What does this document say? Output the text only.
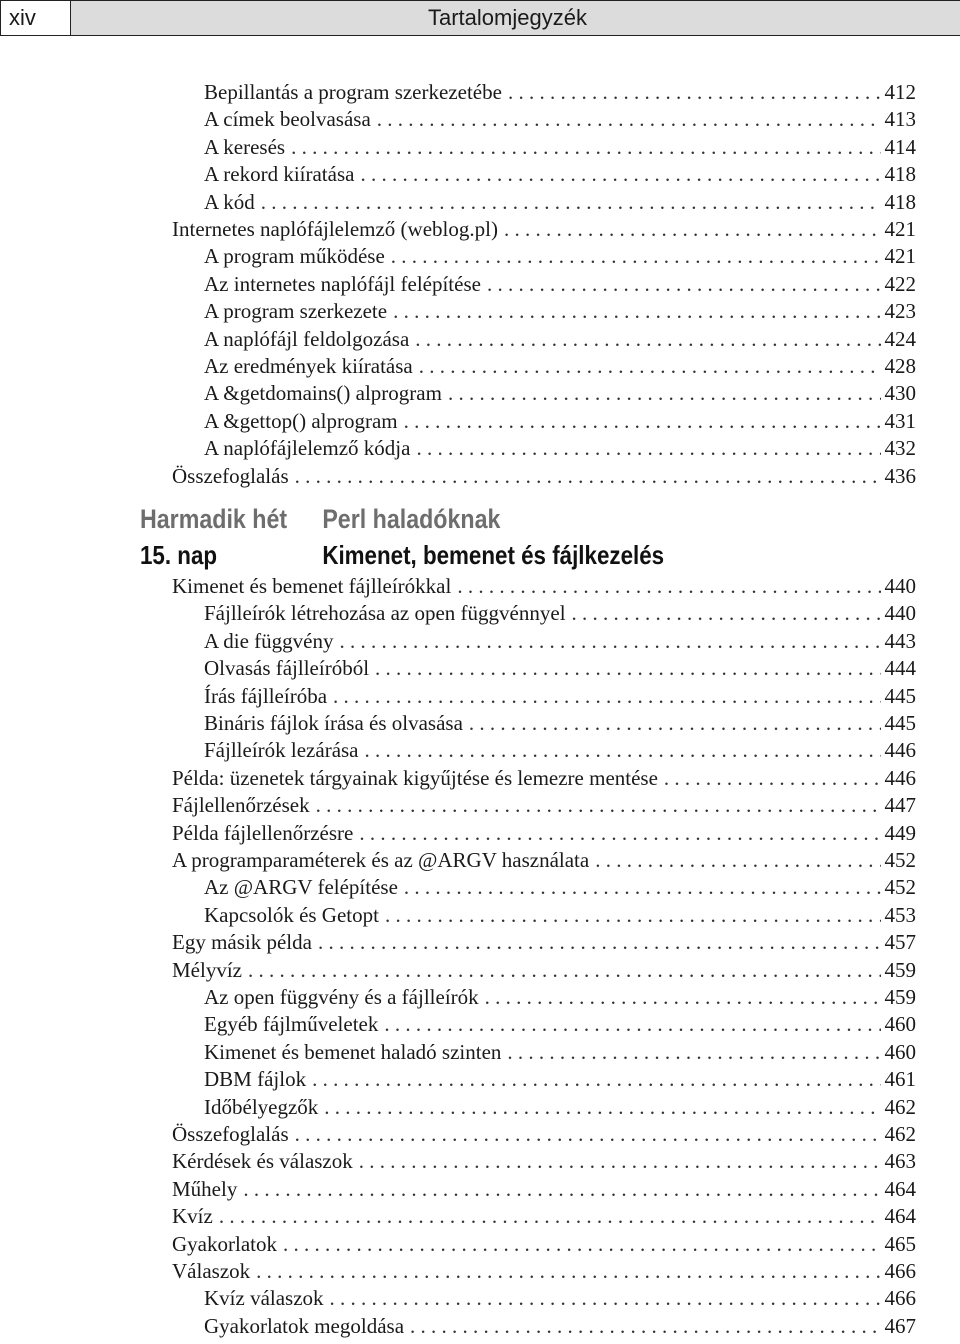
xiv	Tartalomjegyzék
Bepillantás a program szerkezetébe . . .	412
A címek beolvasása . . .	413
A keresés . . .	414
A rekord kiíratása . . .	418
A kód . . .	418
Internetes naplófájlelemző (weblog.pl) . . .	421
A program működése . . .	421
Az internetes naplófájl felépítése . . .	422
A program szerkezete . . .	423
A naplófájl feldolgozása . . .	424
Az eredmények kiíratása . . .	428
A &getdomains() alprogram . . .	430
A &gettop() alprogram . . .	431
A naplófájlelemző kódja . . .	432
Összefoglalás . . .	436
Harmadik hét	Perl haladóknak
15. nap	Kimenet, bemenet és fájlkezelés
Kimenet és bemenet fájlleírókkal . . .	440
Fájlleírók létrehozása az open függvénnyel . . .	440
A die függvény . . .	443
Olvasás fájlleíróból . . .	444
Írás fájlleíróba . . .	445
Bináris fájlok írása és olvasása . . .	445
Fájlleírók lezárása . . .	446
Példa: üzenetek tárgyainak kigyűjtése és lemezre mentése . . .	446
Fájlellenőrzések . . .	447
Példa fájlellenőrzésre . . .	449
A programparaméterek és az @ARGV használata . . .	452
Az @ARGV felépítése . . .	452
Kapcsolók és Getopt . . .	453
Egy másik példa . . .	457
Mélyvíz . . .	459
Az open függvény és a fájlleírók . . .	459
Egyéb fájlműveletek . . .	460
Kimenet és bemenet haladó szinten . . .	460
DBM fájlok . . .	461
Időbélyegzők . . .	462
Összefoglalás . . .	462
Kérdések és válaszok . . .	463
Műhely . . .	464
Kvíz . . .	464
Gyakorlatok . . .	465
Válaszok . . .	466
Kvíz válaszok . . .	466
Gyakorlatok megoldása . . .	467
